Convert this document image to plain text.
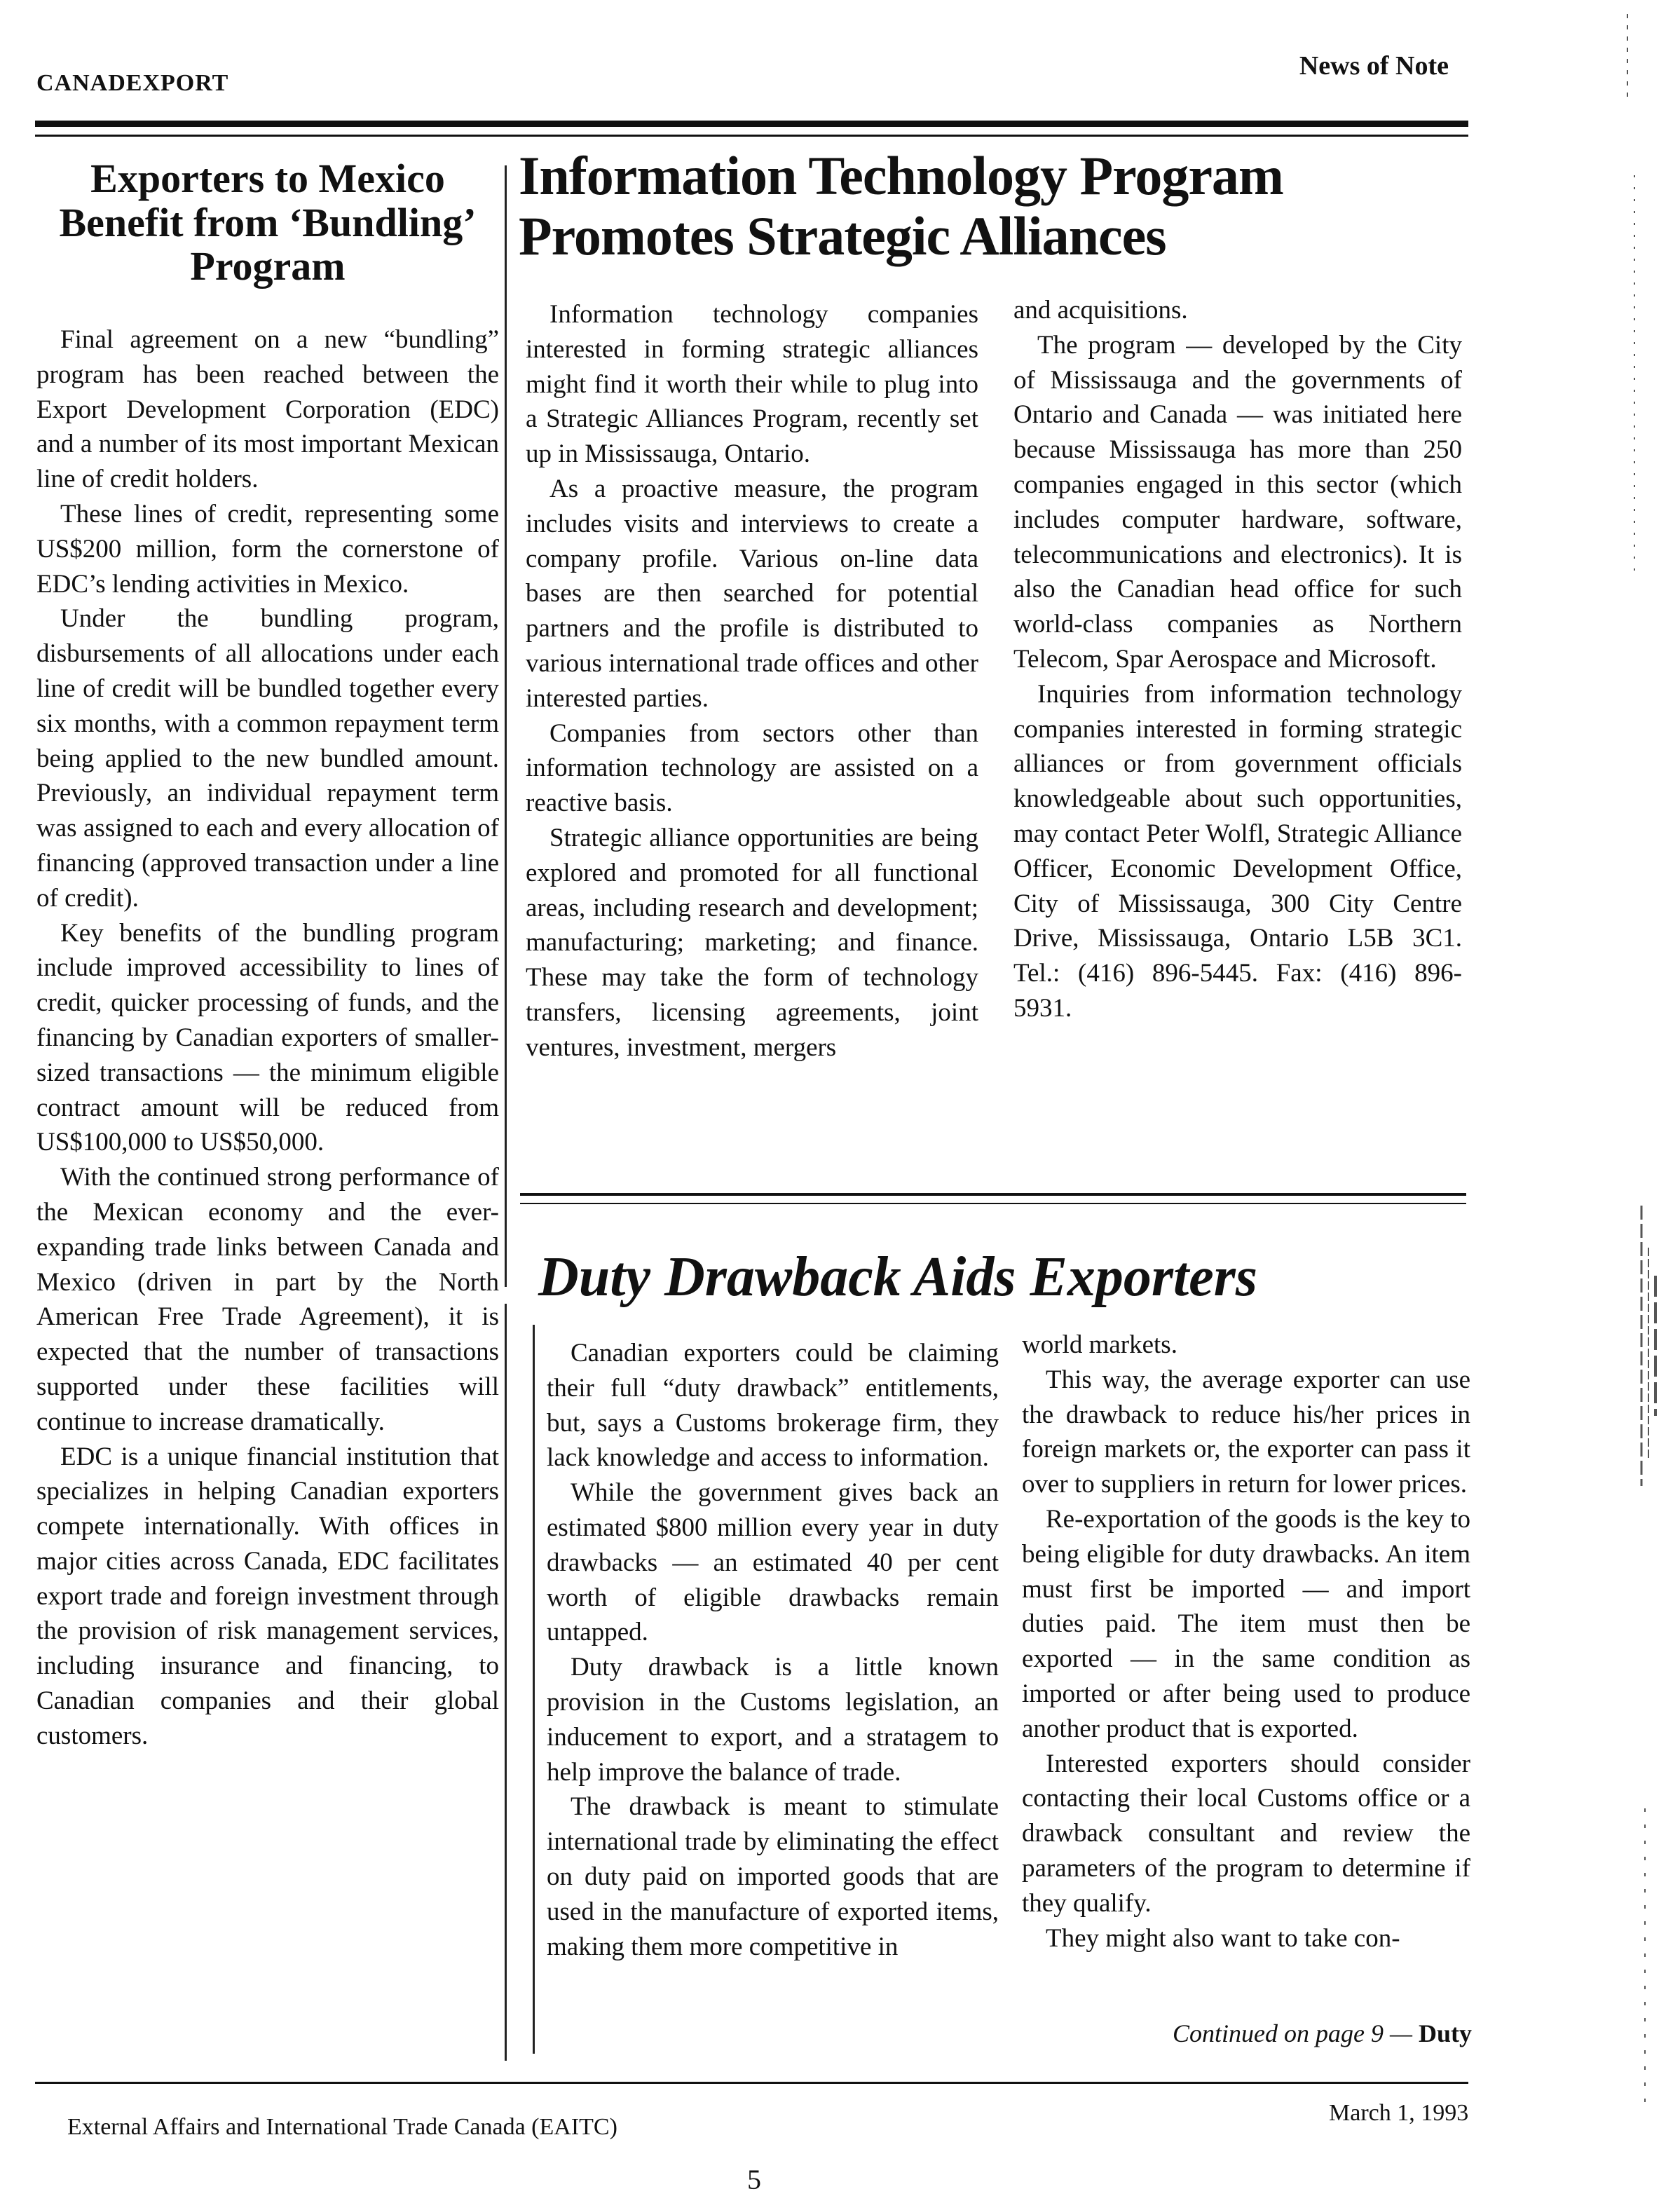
CANADEXPORT
News of Note
Exporters to Mexico Benefit from ‘Bundling’ Program

Final agreement on a new “bundling” program has been reached between the Export Development Corporation (EDC) and a number of its most important Mexican line of credit holders.

These lines of credit, representing some US$200 million, form the cornerstone of EDC’s lending activities in Mexico.

Under the bundling program, disbursements of all allocations under each line of credit will be bundled together every six months, with a common repayment term being applied to the new bundled amount. Previously, an individual repayment term was assigned to each and every allocation of financing (approved transaction under a line of credit).

Key benefits of the bundling program include improved accessibility to lines of credit, quicker processing of funds, and the financing by Canadian exporters of smaller-sized transactions — the minimum eligible contract amount will be reduced from US$100,000 to US$50,000.

With the continued strong performance of the Mexican economy and the ever-expanding trade links between Canada and Mexico (driven in part by the North American Free Trade Agreement), it is expected that the number of transactions supported under these facilities will continue to increase dramatically.

EDC is a unique financial institution that specializes in helping Canadian exporters compete internationally. With offices in major cities across Canada, EDC facilitates export trade and foreign investment through the provision of risk management services, including insurance and financing, to Canadian companies and their global customers.

Information Technology Program
Promotes Strategic Alliances

Information technology companies interested in forming strategic alliances might find it worth their while to plug into a Strategic Alliances Program, recently set up in Mississauga, Ontario.

As a proactive measure, the program includes visits and interviews to create a company profile. Various on-line data bases are then searched for potential partners and the profile is distributed to various international trade offices and other interested parties.

Companies from sectors other than information technology are assisted on a reactive basis.

Strategic alliance opportunities are being explored and promoted for all functional areas, including research and development; manufacturing; marketing; and finance. These may take the form of technology transfers, licensing agreements, joint ventures, investment, mergers

and acquisitions.

The program — developed by the City of Mississauga and the governments of Ontario and Canada — was initiated here because Mississauga has more than 250 companies engaged in this sector (which includes computer hardware, software, telecommunications and electronics). It is also the Canadian head office for such world-class companies as Northern Telecom, Spar Aerospace and Microsoft.

Inquiries from information technology companies interested in forming strategic alliances or from government officials knowledgeable about such opportunities, may contact Peter Wolfl, Strategic Alliance Officer, Economic Development Office, City of Mississauga, 300 City Centre Drive, Mississauga, Ontario L5B 3C1. Tel.: (416) 896-5445. Fax: (416) 896-5931.

Duty Drawback Aids Exporters

Canadian exporters could be claiming their full “duty drawback” entitlements, but, says a Customs brokerage firm, they lack knowledge and access to information.

While the government gives back an estimated $800 million every year in duty drawbacks — an estimated 40 per cent worth of eligible drawbacks remain untapped.

Duty drawback is a little known provision in the Customs legislation, an inducement to export, and a stratagem to help improve the balance of trade.

The drawback is meant to stimulate international trade by eliminating the effect on duty paid on imported goods that are used in the manufacture of exported items, making them more competitive in

world markets.

This way, the average exporter can use the drawback to reduce his/her prices in foreign markets or, the exporter can pass it over to suppliers in return for lower prices.

Re-exportation of the goods is the key to being eligible for duty drawbacks. An item must first be imported — and import duties paid. The item must then be exported — in the same condition as imported or after being used to produce another product that is exported.

Interested exporters should consider contacting their local Customs office or a drawback consultant and review the parameters of the program to determine if they qualify.

They might also want to take con-

Continued on page 9 — Duty
External Affairs and International Trade Canada (EAITC)
March 1, 1993
5
